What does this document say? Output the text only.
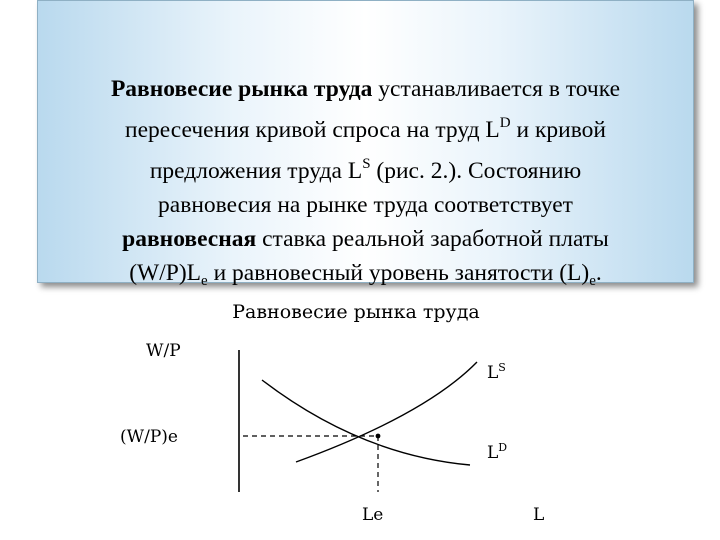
Равновесие рынка труда устанавливается в точке
пересечения кривой спроса на труд $L^D$ и кривой
предложения труда $L^S$ (рис. 2.). Состоянию
равновесия на рынке труда соответствует
равновесная ставка реальной заработной платы
$(W/P)L_e$ и равновесный уровень занятости $(L)_e$.

Равновесие рынка труда
W/P
(W/P)e
Le	L
$L^S$
$L^D$
